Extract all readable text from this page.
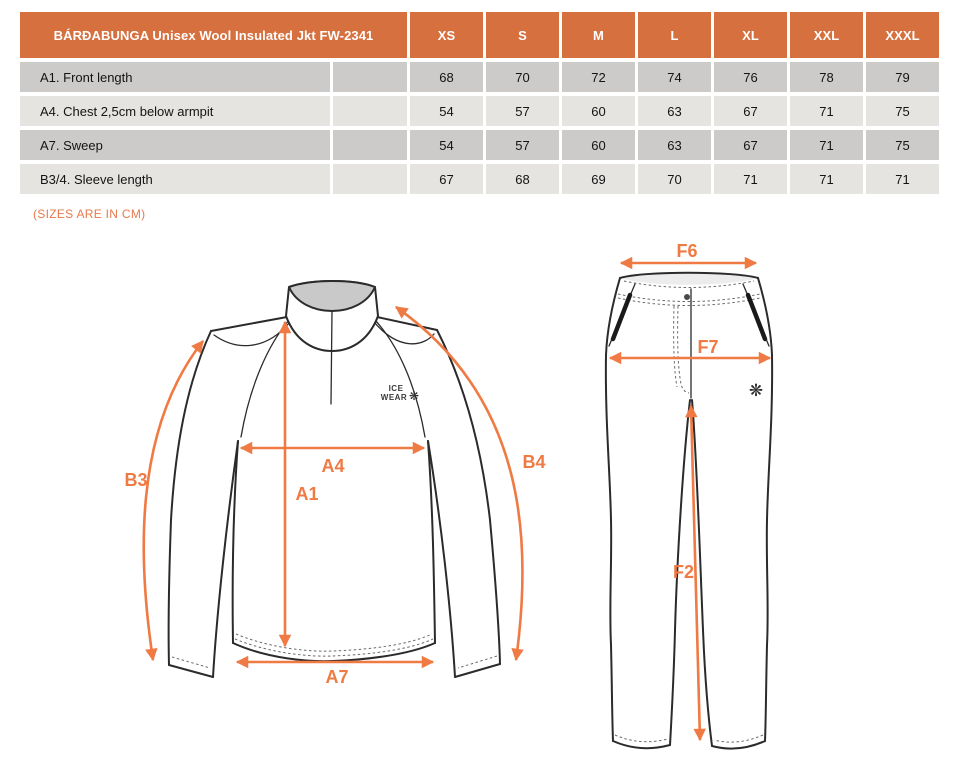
BÁRÐABUNGA Unisex Wool Insulated Jkt FW-2341	XS	S	M	L	XL	XXL	XXXL
A1. Front length	68	70	72	74	76	78	79
A4. Chest 2,5cm below armpit	54	57	60	63	67	71	75
A7. Sweep	54	57	60	63	67	71	75
B3/4. Sleeve length	67	68	69	70	71	71	71
(SIZES ARE IN CM)
ICE
WEAR ❋
B3
B4
A1
A4
A7
❋
F6
F7
F2
